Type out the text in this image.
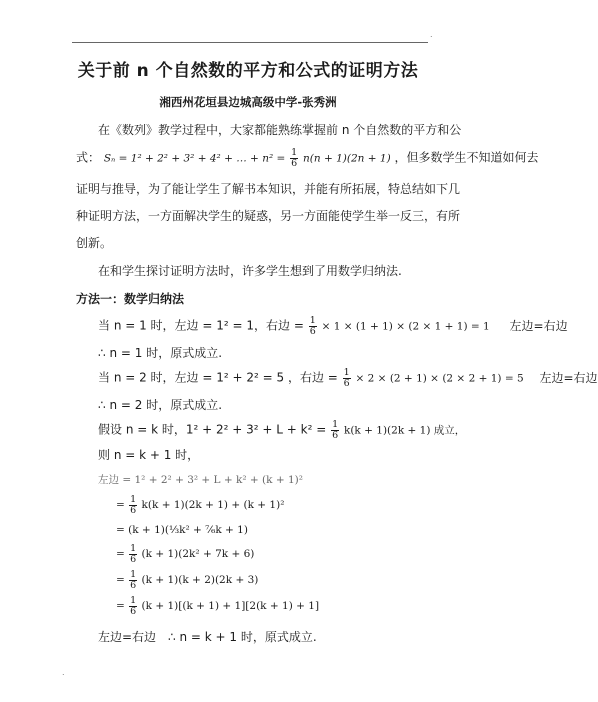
.
关于前 n 个自然数的平方和公式的证明方法
湘西州花垣县边城高级中学-张秀洲
在《数列》教学过程中，大家都能熟练掌握前 n 个自然数的平方和公
式： Sₙ = 1² + 2² + 3² + 4² + … + $n^2 = \frac{1}{6} n(n + 1)(2n + 1)$ ，但多数学生不知道如何去
证明与推导，为了能让学生了解书本知识，并能有所拓展，特总结如下几
种证明方法，一方面解决学生的疑惑，另一方面能使学生举一反三，有所
创新。
在和学生探讨证明方法时，许多学生想到了用数学归纳法.
方法一：数学归纳法
当 n = 1 时，左边 = 1² = 1，右边 = $\frac{1}{6} \times 1 \times (1 + 1) \times (2 \times 1 + 1) = 1$ 左边=右边
∴ n = 1 时，原式成立.
当 n = 2 时，左边 = 1² + 2² = 5 ，右边 = $\frac{1}{6} \times 2 \times (2 + 1) \times (2 \times 2 + 1) = 5$ 左边=右边
∴ n = 2 时，原式成立.
假设 n = k 时，$1^2 + 2^2 + 3^2 + L + k^2 = \frac{1}{6} k(k + 1)(2k + 1)$ 成立，
则 n = k + 1 时，
左边 = 1² + 2² + 3² + L + k² + (k + 1)²
= $\frac{1}{6} k(k + 1)(2k + 1) + (k + 1)^2$
= (k + 1)(⅓k² + ⁷⁄₆k + 1)
= $\frac{1}{6} (k + 1)(2k^2 + 7k + 6)$
= $\frac{1}{6} (k + 1)(k + 2)(2k + 3)$
= $\frac{1}{6} (k + 1)[(k + 1) + 1][2(k + 1) + 1]$
左边=右边　∴ n = k + 1 时，原式成立.
.
